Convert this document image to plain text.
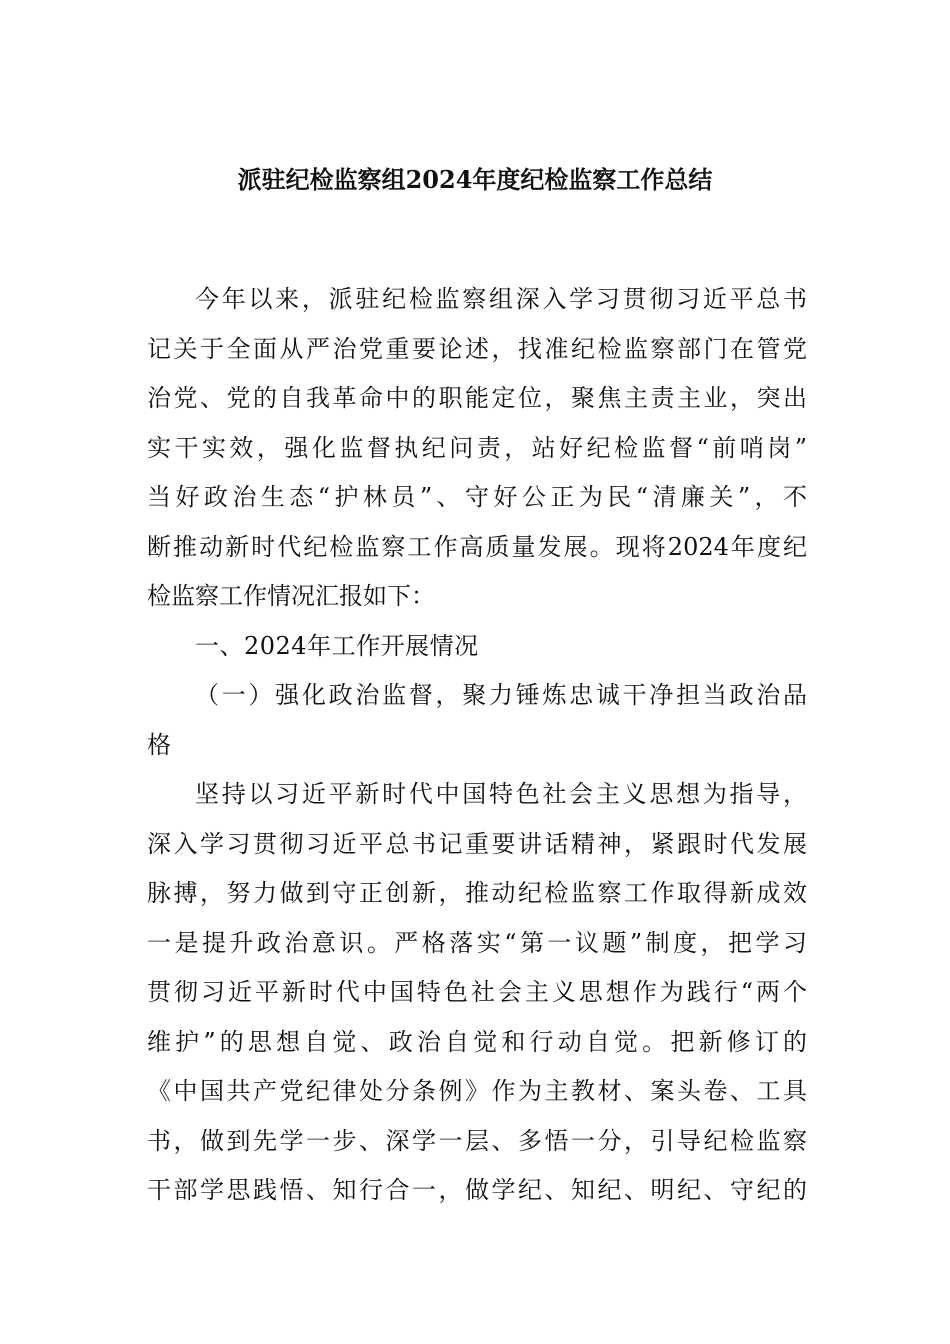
派驻纪检监察组2024年度纪检监察工作总结
今年以来，派驻纪检监察组深入学习贯彻习近平总书
记关于全面从严治党重要论述，找准纪检监察部门在管党
治党、党的自我革命中的职能定位，聚焦主责主业，突出
实干实效，强化监督执纪问责，站好纪检监督“前哨岗”
当好政治生态“护林员”、守好公正为民“清廉关”，不
断推动新时代纪检监察工作高质量发展。现将2024年度纪
检监察工作情况汇报如下：
一、2024年工作开展情况
（一）强化政治监督，聚力锤炼忠诚干净担当政治品
格
坚持以习近平新时代中国特色社会主义思想为指导，
深入学习贯彻习近平总书记重要讲话精神，紧跟时代发展
脉搏，努力做到守正创新，推动纪检监察工作取得新成效
一是提升政治意识。严格落实“第一议题”制度，把学习
贯彻习近平新时代中国特色社会主义思想作为践行“两个
维护”的思想自觉、政治自觉和行动自觉。把新修订的
《中国共产党纪律处分条例》作为主教材、案头卷、工具
书，做到先学一步、深学一层、多悟一分，引导纪检监察
干部学思践悟、知行合一，做学纪、知纪、明纪、守纪的
